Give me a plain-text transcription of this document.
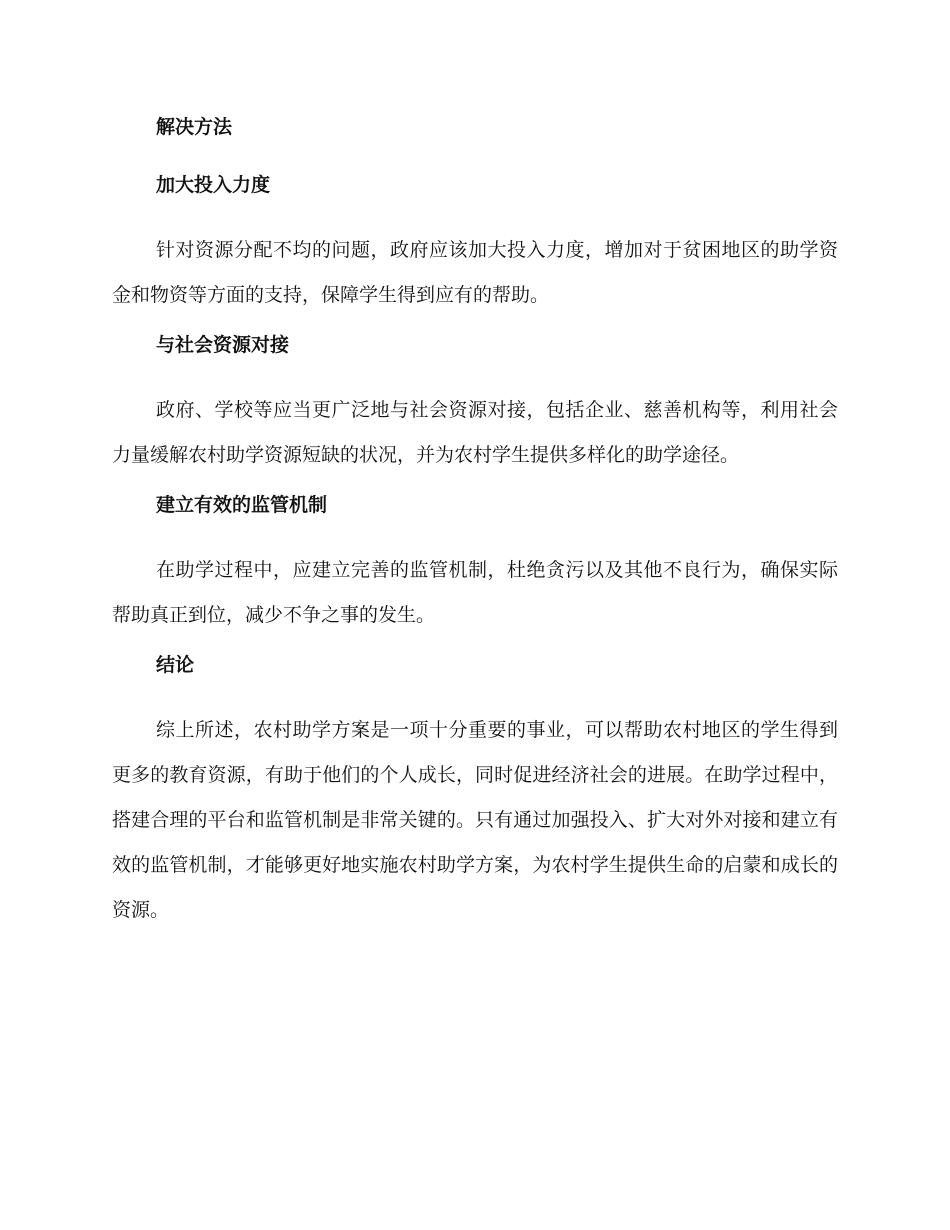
解决方法
加大投入力度
针对资源分配不均的问题，政府应该加大投入力度，增加对于贫困地区的助学资金和物资等方面的支持，保障学生得到应有的帮助。
与社会资源对接
政府、学校等应当更广泛地与社会资源对接，包括企业、慈善机构等，利用社会力量缓解农村助学资源短缺的状况，并为农村学生提供多样化的助学途径。
建立有效的监管机制
在助学过程中，应建立完善的监管机制，杜绝贪污以及其他不良行为，确保实际帮助真正到位，减少不争之事的发生。
结论
综上所述，农村助学方案是一项十分重要的事业，可以帮助农村地区的学生得到更多的教育资源，有助于他们的个人成长，同时促进经济社会的进展。在助学过程中，搭建合理的平台和监管机制是非常关键的。只有通过加强投入、扩大对外对接和建立有效的监管机制，才能够更好地实施农村助学方案，为农村学生提供生命的启蒙和成长的资源。
